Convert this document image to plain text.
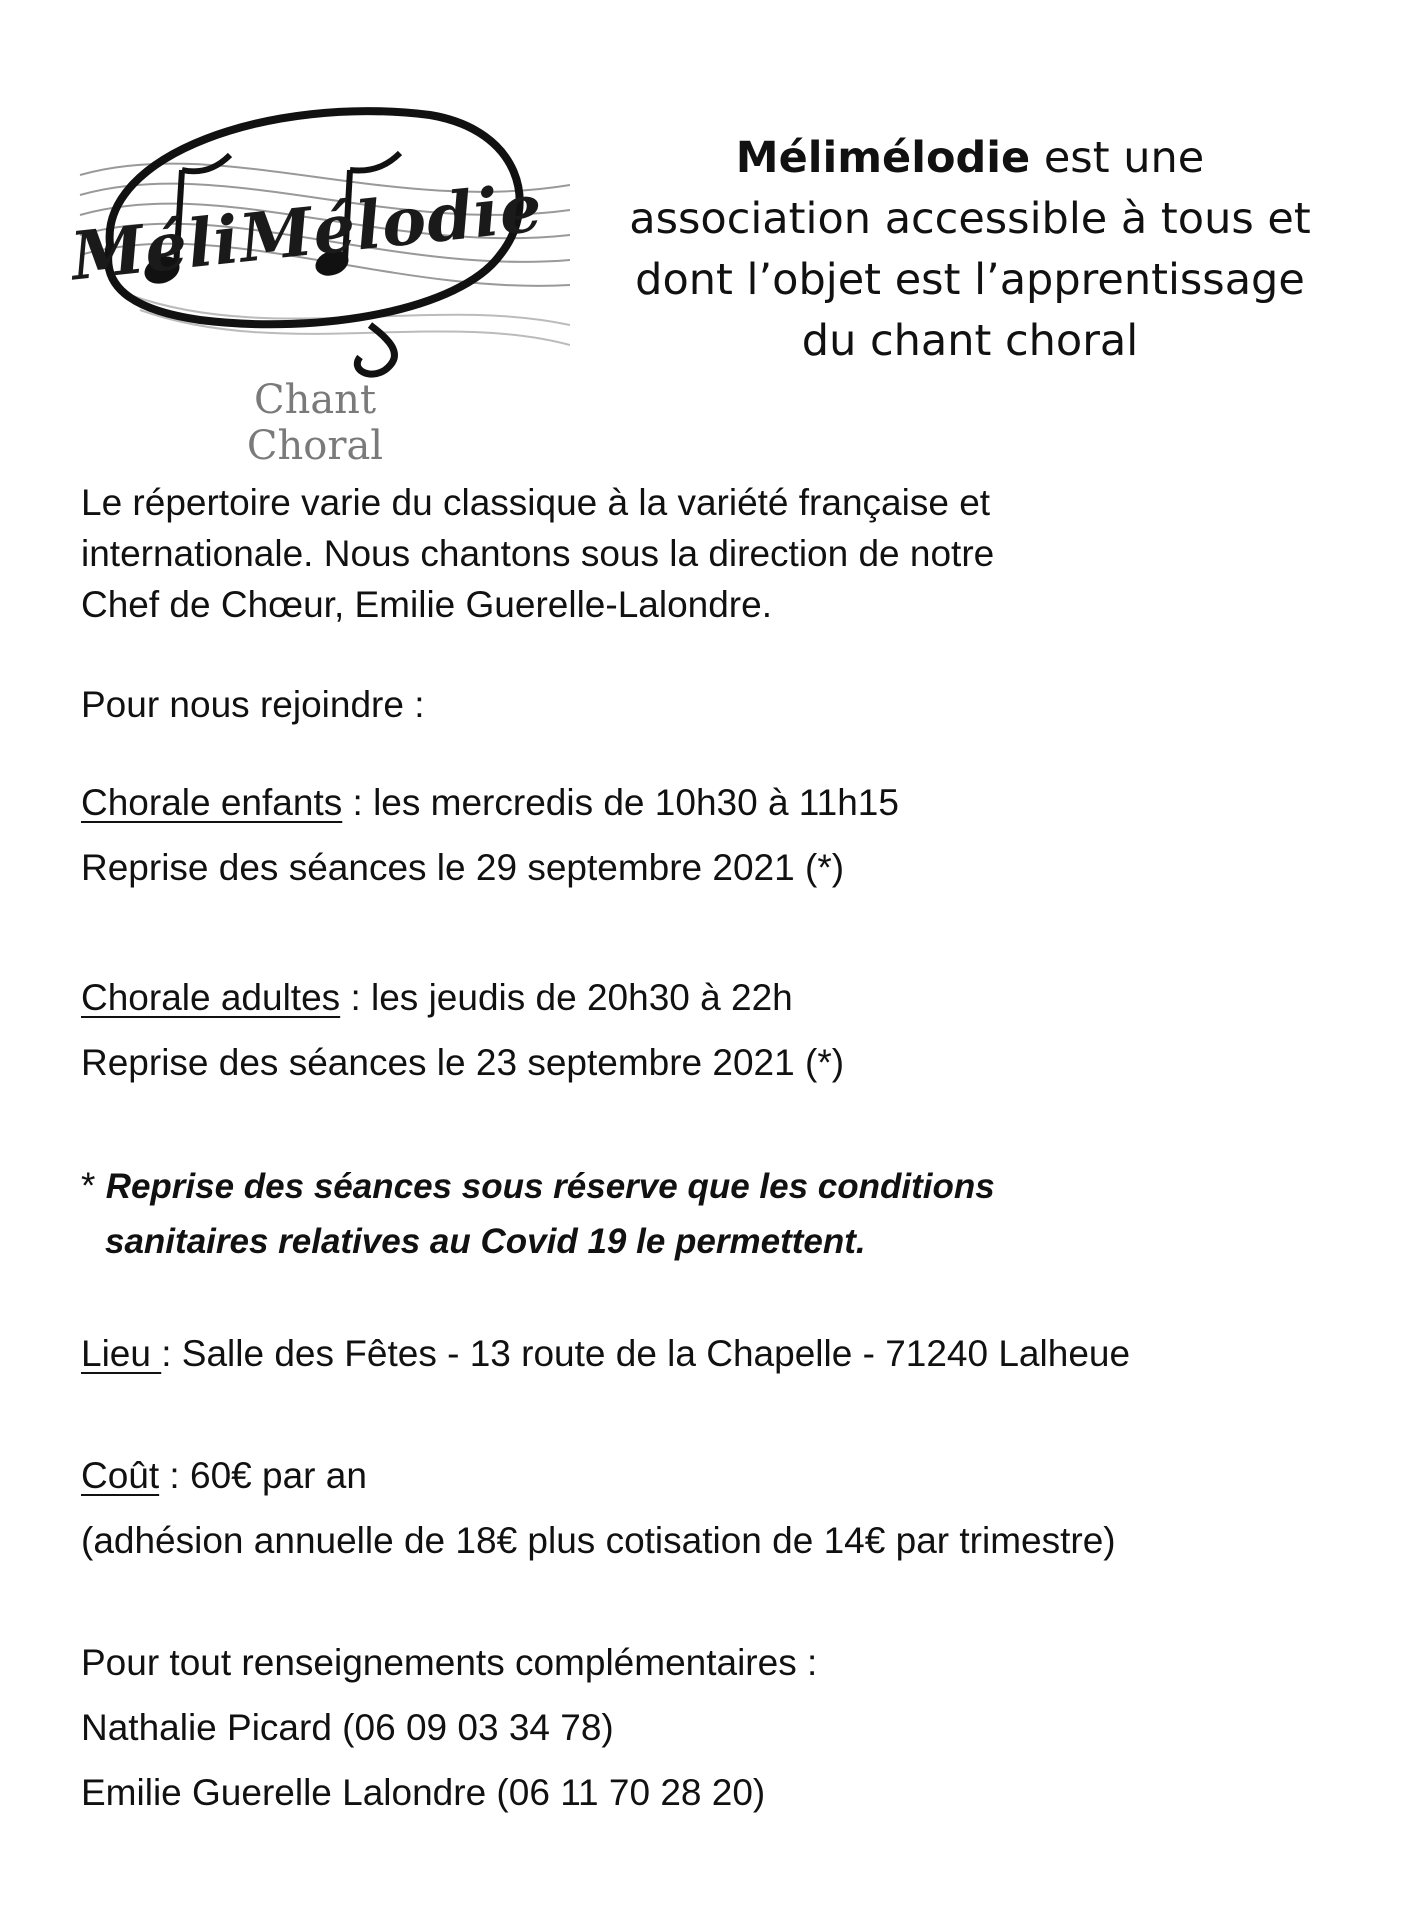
MéliMélodie
Chant Choral
Mélimélodie est une
association accessible à tous et
dont l’objet est l’apprentissage
du chant choral
Le répertoire varie du classique à la variété française et
internationale. Nous chantons sous la direction de notre
Chef de Chœur, Emilie Guerelle-Lalondre.
Pour nous rejoindre :
Chorale enfants : les mercredis de 10h30 à 11h15
Reprise des séances le 29 septembre 2021 (*)
Chorale adultes : les jeudis de 20h30 à 22h
Reprise des séances le 23 septembre 2021 (*)
* Reprise des séances sous réserve que les conditions
sanitaires relatives au Covid 19 le permettent.
Lieu : Salle des Fêtes - 13 route de la Chapelle - 71240 Lalheue
Coût : 60€ par an
(adhésion annuelle de 18€ plus cotisation de 14€ par trimestre)
Pour tout renseignements complémentaires :
Nathalie Picard (06 09 03 34 78)
Emilie Guerelle Lalondre (06 11 70 28 20)
